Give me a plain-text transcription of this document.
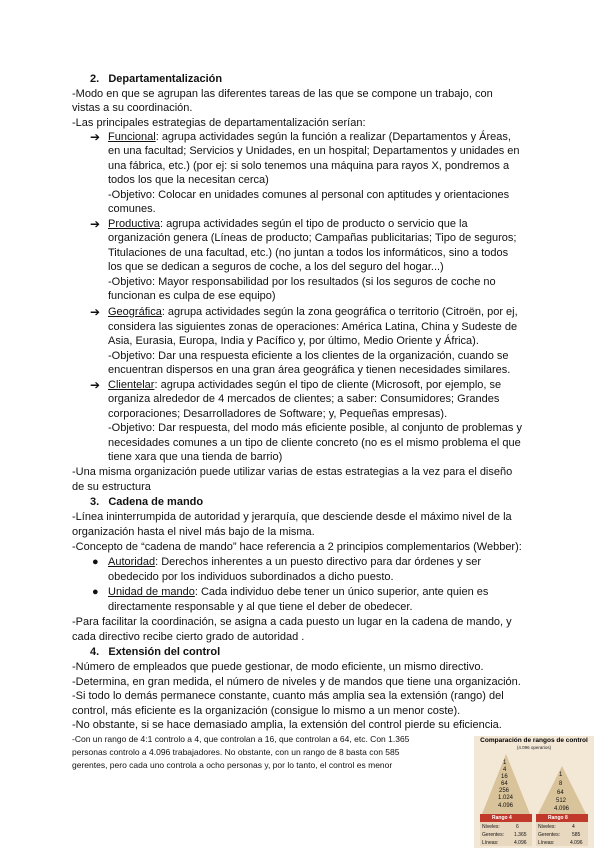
2. Departamentalización
-Modo en que se agrupan las diferentes tareas de las que se compone un trabajo, con
vistas a su coordinación.
-Las principales estrategias de departamentalización serían:
➔ Funcional: agrupa actividades según la función a realizar (Departamentos y Áreas,
en una facultad; Servicios y Unidades, en un hospital; Departamentos y unidades en
una fábrica, etc.) (por ej: si solo tenemos una máquina para rayos X, pondremos a
todos los que la necesitan cerca)
-Objetivo: Colocar en unidades comunes al personal con aptitudes y orientaciones
comunes.
➔ Productiva: agrupa actividades según el tipo de producto o servicio que la
organización genera (Líneas de producto; Campañas publicitarias; Tipo de seguros;
Titulaciones de una facultad, etc.) (no juntan a todos los informáticos, sino a todos
los que se dedican a seguros de coche, a los del seguro del hogar...)
-Objetivo: Mayor responsabilidad por los resultados (si los seguros de coche no
funcionan es culpa de ese equipo)
➔ Geográfica: agrupa actividades según la zona geográfica o territorio (Citroën, por ej,
considera las siguientes zonas de operaciones: América Latina, China y Sudeste de
Asia, Eurasia, Europa, India y Pacífico y, por último, Medio Oriente y África).
-Objetivo: Dar una respuesta eficiente a los clientes de la organización, cuando se
encuentran dispersos en una gran área geográfica y tienen necesidades similares.
➔ Clientelar: agrupa actividades según el tipo de cliente (Microsoft, por ejemplo, se
organiza alrededor de 4 mercados de clientes; a saber: Consumidores; Grandes
corporaciones; Desarrolladores de Software; y, Pequeñas empresas).
-Objetivo: Dar respuesta, del modo más eficiente posible, al conjunto de problemas y
necesidades comunes a un tipo de cliente concreto (no es el mismo problema el que
tiene xara que una tienda de barrio)
-Una misma organización puede utilizar varias de estas estrategias a la vez para el diseño
de su estructura
3. Cadena de mando
-Línea ininterrumpida de autoridad y jerarquía, que desciende desde el máximo nivel de la
organización hasta el nivel más bajo de la misma.
-Concepto de “cadena de mando” hace referencia a 2 principios complementarios (Webber):
● Autoridad: Derechos inherentes a un puesto directivo para dar órdenes y ser
obedecido por los individuos subordinados a dicho puesto.
● Unidad de mando: Cada individuo debe tener un único superior, ante quien es
directamente responsable y al que tiene el deber de obedecer.
-Para facilitar la coordinación, se asigna a cada puesto un lugar en la cadena de mando, y
cada directivo recibe cierto grado de autoridad .
4. Extensión del control
-Número de empleados que puede gestionar, de modo eficiente, un mismo directivo.
-Determina, en gran medida, el número de niveles y de mandos que tiene una organización.
-Si todo lo demás permanece constante, cuanto más amplia sea la extensión (rango) del
control, más eficiente es la organización (consigue lo mismo a un menor coste).
-No obstante, si se hace demasiado amplia, la extensión del control pierde su eficiencia.
-Con un rango de 4:1 controlo a 4, que controlan a 16, que controlan a 64, etc. Con 1.365
personas controlo a 4.096 trabajadores. No obstante, con un rango de 8 basta con 585
gerentes, pero cada uno controla a ocho personas y, por lo tanto, el control es menor
Comparación de rangos de control
(4.096 operarios)
1
4
16
64
256
1.024
4.096
1
8
64
512
4.096
Rango 4	Rango 8
Niveles:	6
Gerentes: 1.365
Líneas:	4.096
Niveles:	4
Gerentes: 585
Líneas:	4.096
